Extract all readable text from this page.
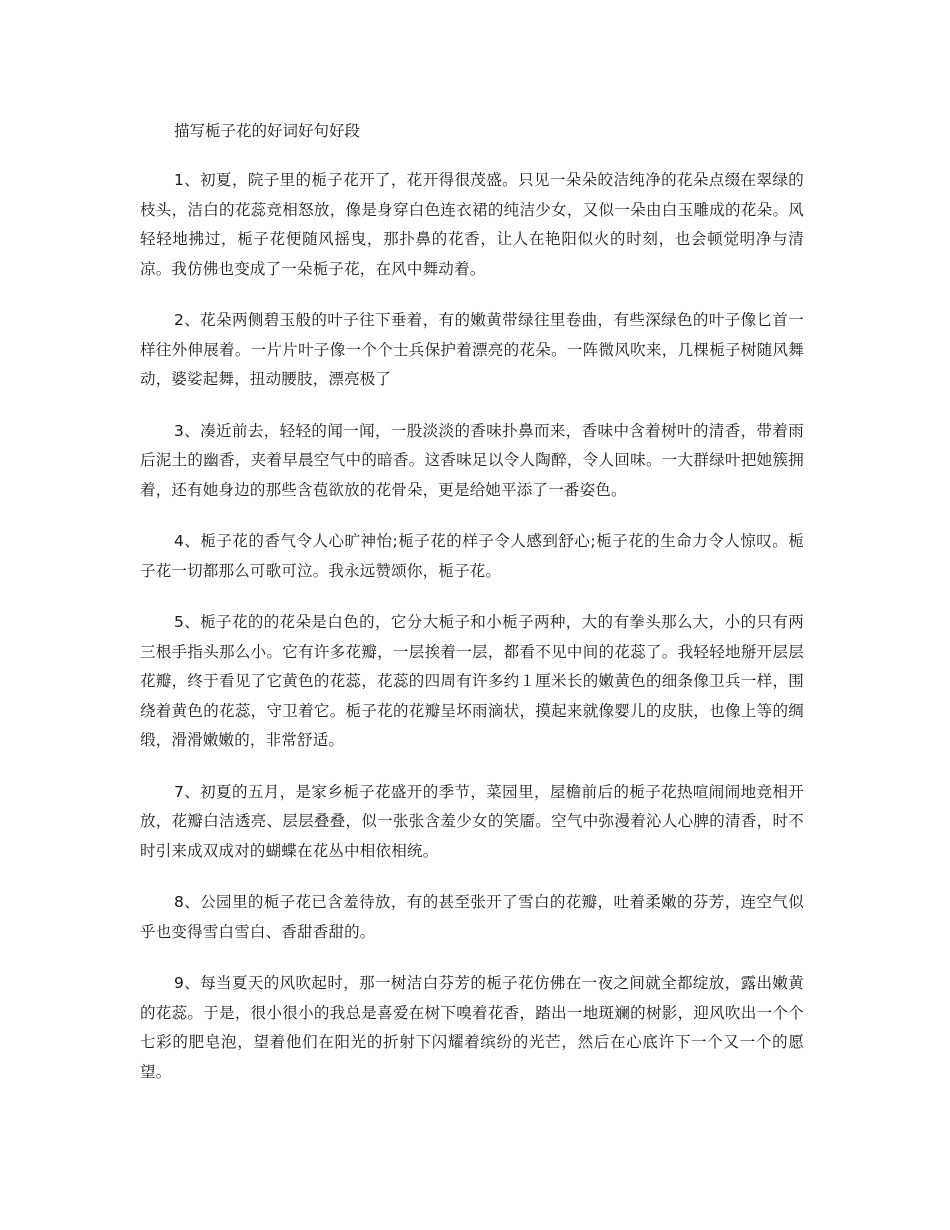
描写栀子花的好词好句好段

1、初夏，院子里的栀子花开了，花开得很茂盛。只见一朵朵皎洁纯净的花朵点缀在翠绿的枝头，洁白的花蕊竞相怒放，像是身穿白色连衣裙的纯洁少女，又似一朵由白玉雕成的花朵。风轻轻地拂过，栀子花便随风摇曳，那扑鼻的花香，让人在艳阳似火的时刻，也会顿觉明净与清凉。我仿佛也变成了一朵栀子花，在风中舞动着。

2、花朵两侧碧玉般的叶子往下垂着，有的嫩黄带绿往里卷曲，有些深绿色的叶子像匕首一样往外伸展着。一片片叶子像一个个士兵保护着漂亮的花朵。一阵微风吹来，几棵栀子树随风舞动，婆娑起舞，扭动腰肢，漂亮极了

3、凑近前去，轻轻的闻一闻，一股淡淡的香味扑鼻而来，香味中含着树叶的清香，带着雨后泥土的幽香，夹着早晨空气中的暗香。这香味足以令人陶醉，令人回味。一大群绿叶把她簇拥着，还有她身边的那些含苞欲放的花骨朵，更是给她平添了一番姿色。

4、栀子花的香气令人心旷神怡;栀子花的样子令人感到舒心;栀子花的生命力令人惊叹。栀子花一切都那么可歌可泣。我永远赞颂你，栀子花。

5、栀子花的的花朵是白色的，它分大栀子和小栀子两种，大的有拳头那么大，小的只有两三根手指头那么小。它有许多花瓣，一层挨着一层，都看不见中间的花蕊了。我轻轻地掰开层层花瓣，终于看见了它黄色的花蕊，花蕊的四周有许多约１厘米长的嫩黄色的细条像卫兵一样，围绕着黄色的花蕊，守卫着它。栀子花的花瓣呈坏雨滴状，摸起来就像婴儿的皮肤，也像上等的绸缎，滑滑嫩嫩的，非常舒适。

7、初夏的五月，是家乡栀子花盛开的季节，菜园里，屋檐前后的栀子花热喧闹闹地竞相开放，花瓣白洁透亮、层层叠叠，似一张张含羞少女的笑靥。空气中弥漫着沁人心脾的清香，时不时引来成双成对的蝴蝶在花丛中相依相统。

8、公园里的栀子花已含羞待放，有的甚至张开了雪白的花瓣，吐着柔嫩的芬芳，连空气似乎也变得雪白雪白、香甜香甜的。

9、每当夏天的风吹起时，那一树洁白芬芳的栀子花仿佛在一夜之间就全都绽放，露出嫩黄的花蕊。于是，很小很小的我总是喜爱在树下嗅着花香，踏出一地斑斓的树影，迎风吹出一个个七彩的肥皂泡，望着他们在阳光的折射下闪耀着缤纷的光芒，然后在心底许下一个又一个的愿望。
